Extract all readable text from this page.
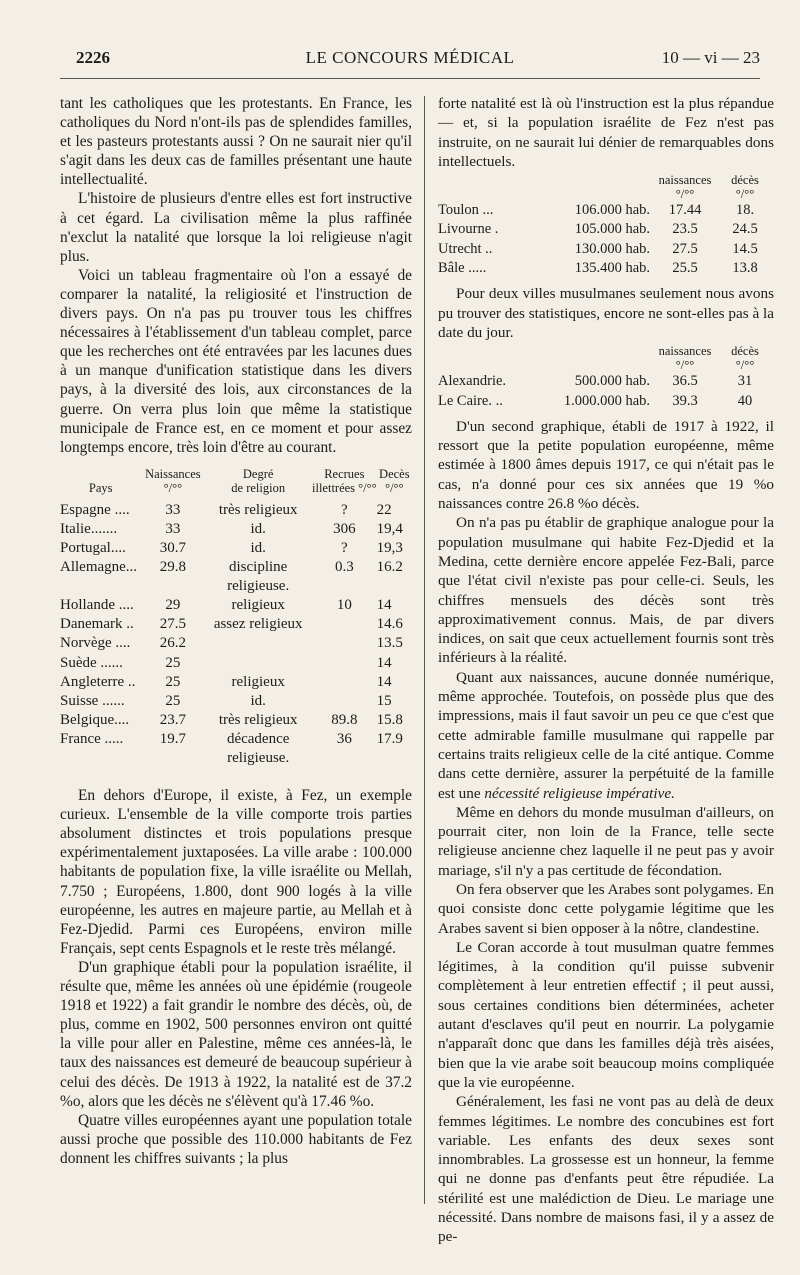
2226	LE CONCOURS MÉDICAL	10 — vi — 23

tant les catholiques que les protestants. En France, les catholiques du Nord n'ont-ils pas de splendides familles, et les pasteurs protestants aussi ? On ne saurait nier qu'il s'agit dans les deux cas de familles présentant une haute intellectualité.

L'histoire de plusieurs d'entre elles est fort instructive à cet égard. La civilisation même la plus raffinée n'exclut la natalité que lorsque la loi religieuse n'agit plus.

Voici un tableau fragmentaire où l'on a essayé de comparer la natalité, la religiosité et l'instruction de divers pays. On n'a pas pu trouver tous les chiffres nécessaires à l'établissement d'un tableau complet, parce que les recherches ont été entravées par les lacunes dues à un manque d'unification statistique dans les divers pays, à la diversité des lois, aux circonstances de la guerre. On verra plus loin que même la statistique municipale de France est, en ce moment et pour assez longtemps encore, très loin d'être au courant.

	Naissances	Degré	Recrues	Decès
Pays	°/°°	de religion	illettrées °/°°	°/°°

Espagne ....	33	très religieux	?	22
Italie.......	33	id.	306	19,4
Portugal....	30.7	id.	?	19,3
Allemagne...	29.8	discipline religieuse.	0.3	16.2
Hollande ....	29	religieux	10	14
Danemark ..	27.5	assez religieux		14.6
Norvège ....	26.2			13.5
Suède ......	25			14
Angleterre ..	25	religieux		14
Suisse ......	25	id.		15
Belgique....	23.7	très religieux	89.8	15.8
France .....	19.7	décadence religieuse.	36	17.9

En dehors d'Europe, il existe, à Fez, un exemple curieux. L'ensemble de la ville comporte trois parties absolument distinctes et trois populations presque expérimentalement juxtaposées. La ville arabe : 100.000 habitants de population fixe, la ville israélite ou Mellah, 7.750 ; Européens, 1.800, dont 900 logés à la ville européenne, les autres en majeure partie, au Mellah et à Fez-Djedid. Parmi ces Européens, environ mille Français, sept cents Espagnols et le reste très mélangé.

D'un graphique établi pour la population israélite, il résulte que, même les années où une épidémie (rougeole 1918 et 1922) a fait grandir le nombre des décès, où, de plus, comme en 1902, 500 personnes environ ont quitté la ville pour aller en Palestine, même ces années-là, le taux des naissances est demeuré de beaucoup supérieur à celui des décès. De 1913 à 1922, la natalité est de 37.2 %o, alors que les décès ne s'élèvent qu'à 17.46 %o.

Quatre villes européennes ayant une population totale aussi proche que possible des 110.000 habitants de Fez donnent les chiffres suivants ; la plus

forte natalité est là où l'instruction est la plus répandue — et, si la population israélite de Fez n'est pas instruite, on ne saurait lui dénier de remarquables dons intellectuels.

		naissances	décès
		°/°°	°/°°
Toulon ...	106.000 hab.	17.44	18.
Livourne .	105.000 hab.	23.5	24.5
Utrecht ..	130.000 hab.	27.5	14.5
Bâle .....	135.400 hab.	25.5	13.8

Pour deux villes musulmanes seulement nous avons pu trouver des statistiques, encore ne sont-elles pas à la date du jour.

		naissances	décès
		°/°°	°/°°
Alexandrie.	500.000 hab.	36.5	31
Le Caire. ..	1.000.000 hab.	39.3	40

D'un second graphique, établi de 1917 à 1922, il ressort que la petite population européenne, même estimée à 1800 âmes depuis 1917, ce qui n'était pas le cas, n'a donné pour ces six années que 19 %o naissances contre 26.8 %o décès.

On n'a pas pu établir de graphique analogue pour la population musulmane qui habite Fez-Djedid et la Medina, cette dernière encore appelée Fez-Bali, parce que l'état civil n'existe pas pour celle-ci. Seuls, les chiffres mensuels des décès sont très approximativement connus. Mais, de par divers indices, on sait que ceux actuellement fournis sont très inférieurs à la réalité.

Quant aux naissances, aucune donnée numérique, même approchée. Toutefois, on possède plus que des impressions, mais il faut savoir un peu ce que c'est que cette admirable famille musulmane qui rappelle par certains traits religieux celle de la cité antique. Comme dans cette dernière, assurer la perpétuité de la famille est une nécessité religieuse impérative.

Même en dehors du monde musulman d'ailleurs, on pourrait citer, non loin de la France, telle secte religieuse ancienne chez laquelle il ne peut pas y avoir mariage, s'il n'y a pas certitude de fécondation.

On fera observer que les Arabes sont polygames. En quoi consiste donc cette polygamie légitime que les Arabes savent si bien opposer à la nôtre, clandestine.

Le Coran accorde à tout musulman quatre femmes légitimes, à la condition qu'il puisse subvenir complètement à leur entretien effectif ; il peut aussi, sous certaines conditions bien déterminées, acheter autant d'esclaves qu'il peut en nourrir. La polygamie n'apparaît donc que dans les familles déjà très aisées, bien que la vie arabe soit beaucoup moins compliquée que la vie européenne.

Généralement, les fasi ne vont pas au delà de deux femmes légitimes. Le nombre des concubines est fort variable. Les enfants des deux sexes sont innombrables. La grossesse est un honneur, la femme qui ne donne pas d'enfants peut être répudiée. La stérilité est une malédiction de Dieu. Le mariage une nécessité. Dans nombre de maisons fasi, il y a assez de pe-
